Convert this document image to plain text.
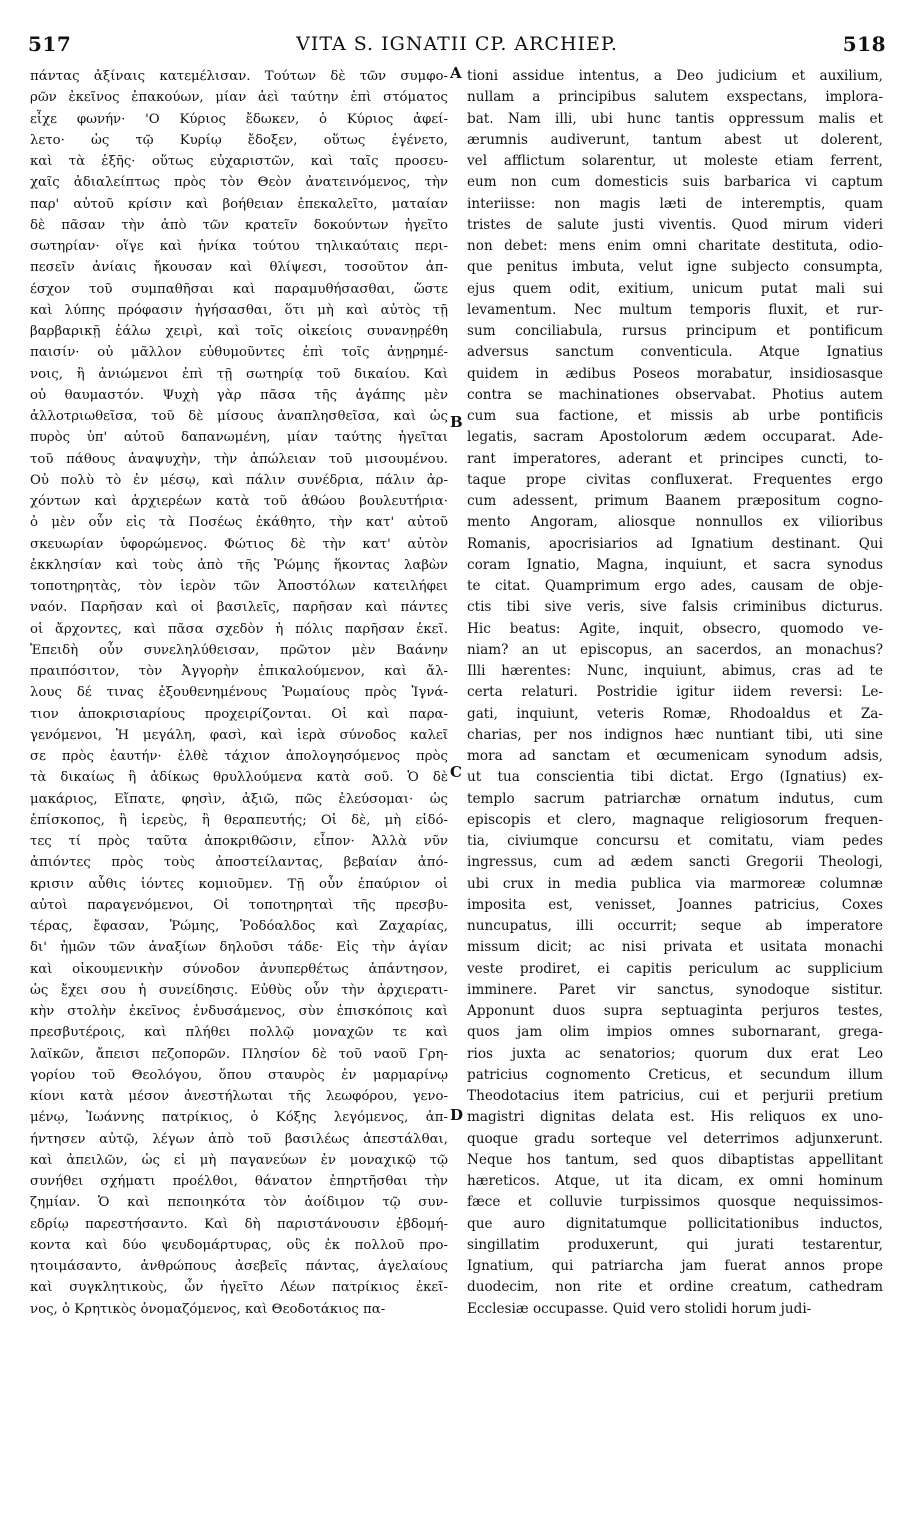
517	VITA S. IGNATII CP. ARCHIEP.	518
πάντας ἀξίναις κατεμέλισαν. Τούτων δὲ τῶν συμφο-
ρῶν ἐκεῖνος ἐπακούων, μίαν ἀεὶ ταύτην ἐπὶ στόματος
εἶχε φωνήν· 'Ο Κύριος ἔδωκεν, ὁ Κύριος ἀφεί-
λετο· ὡς τῷ Κυρίῳ ἔδοξεν, οὕτως ἐγένετο,
καὶ τὰ ἑξῆς· οὕτως εὐχαριστῶν, καὶ ταῖς προσευ-
χαῖς ἀδιαλείπτως πρὸς τὸν Θεὸν ἀνατεινόμενος, τὴν
παρ' αὐτοῦ κρίσιν καὶ βοήθειαν ἐπεκαλεῖτο, ματαίαν
δὲ πᾶσαν τὴν ἀπὸ τῶν κρατεῖν δοκούντων ἡγεῖτο
σωτηρίαν· οἵγε καὶ ἡνίκα τούτου τηλικαύταις περι-
πεσεῖν ἀνίαις ἤκουσαν καὶ θλίψεσι, τοσοῦτον ἀπ-
έσχον τοῦ συμπαθῆσαι καὶ παραμυθήσασθαι, ὥστε
καὶ λύπης πρόφασιν ἡγήσασθαι, ὅτι μὴ καὶ αὐτὸς τῇ
βαρβαρικῇ ἑάλω χειρὶ, καὶ τοῖς οἰκείοις συνανῃρέθη
παισίν· οὐ μᾶλλον εὐθυμοῦντες ἐπὶ τοῖς ἀνῃρημέ-
νοις, ἢ ἀνιώμενοι ἐπὶ τῇ σωτηρίᾳ τοῦ δικαίου. Καὶ
οὐ θαυμαστόν. Ψυχὴ γὰρ πᾶσα τῆς ἀγάπης μὲν
ἀλλοτριωθεῖσα, τοῦ δὲ μίσους ἀναπλησθεῖσα, καὶ ὡς
πυρὸς ὑπ' αὐτοῦ δαπανωμένη, μίαν ταύτης ἡγεῖται
τοῦ πάθους ἀναψυχὴν, τὴν ἀπώλειαν τοῦ μισουμένου.
Οὐ πολὺ τὸ ἐν μέσῳ, καὶ πάλιν συνέδρια, πάλιν ἀρ-
χόντων καὶ ἀρχιερέων κατὰ τοῦ ἀθώου βουλευτήρια·
ὁ μὲν οὖν εἰς τὰ Ποσέως ἐκάθητο, τὴν κατ' αὐτοῦ
σκευωρίαν ὑφορώμενος. Φώτιος δὲ τὴν κατ' αὐτὸν
ἐκκλησίαν καὶ τοὺς ἀπὸ τῆς Ῥώμης ἥκοντας λαβὼν
τοποτηρητὰς, τὸν ἱερὸν τῶν Ἀποστόλων κατειλήφει
ναόν. Παρῆσαν καὶ οἱ βασιλεῖς, παρῆσαν καὶ πάντες
οἱ ἄρχοντες, καὶ πᾶσα σχεδὸν ἡ πόλις παρῆσαν ἐκεῖ.
Ἐπειδὴ οὖν συνεληλύθεισαν, πρῶτον μὲν Βαάνην
πραιπόσιτον, τὸν Ἀγγορὴν ἐπικαλούμενον, καὶ ἄλ-
λους δέ τινας ἐξουθενημένους Ῥωμαίους πρὸς Ἰγνά-
τιον ἀποκρισιαρίους προχειρίζονται. Οἱ καὶ παρα-
γενόμενοι, Ἡ μεγάλη, φασὶ, καὶ ἱερὰ σύνοδος καλεῖ
σε πρὸς ἑαυτήν· ἐλθὲ τάχιον ἀπολογησόμενος πρὸς
τὰ δικαίως ἢ ἀδίκως θρυλλούμενα κατὰ σοῦ. Ὁ δὲ
μακάριος, Εἴπατε, φησὶν, ἀξιῶ, πῶς ἐλεύσομαι· ὡς
ἐπίσκοπος, ἢ ἱερεὺς, ἢ θεραπευτής; Οἱ δὲ, μὴ εἰδό-
τες τί πρὸς ταῦτα ἀποκριθῶσιν, εἶπον· Ἀλλὰ νῦν
ἀπιόντες πρὸς τοὺς ἀποστείλαντας, βεβαίαν ἀπό-
κρισιν αὖθις ἰόντες κομιοῦμεν. Τῇ οὖν ἐπαύριον οἱ
αὐτοὶ παραγενόμενοι, Οἱ τοποτηρηταὶ τῆς πρεσβυ-
τέρας, ἔφασαν, Ῥώμης, Ῥοδόαλδος καὶ Ζαχαρίας,
δι' ἡμῶν τῶν ἀναξίων δηλοῦσι τάδε· Εἰς τὴν ἁγίαν
καὶ οἰκουμενικὴν σύνοδον ἀνυπερθέτως ἀπάντησον,
ὡς ἔχει σου ἡ συνείδησις. Εὐθὺς οὖν τὴν ἀρχιερατι-
κὴν στολὴν ἐκεῖνος ἐνδυσάμενος, σὺν ἐπισκόποις καὶ
πρεσβυτέροις, καὶ πλήθει πολλῷ μοναχῶν τε καὶ
λαϊκῶν, ἄπεισι πεζοπορῶν. Πλησίον δὲ τοῦ ναοῦ Γρη-
γορίου τοῦ Θεολόγου, ὅπου σταυρὸς ἐν μαρμαρίνῳ
κίονι κατὰ μέσον ἀνεστήλωται τῆς λεωφόρου, γενο-
μένῳ, Ἰωάννης πατρίκιος, ὁ Κόξης λεγόμενος, ἀπ-
ήντησεν αὐτῷ, λέγων ἀπὸ τοῦ βασιλέως ἀπεστάλθαι,
καὶ ἀπειλῶν, ὡς εἰ μὴ παγανεύων ἐν μοναχικῷ τῷ
συνήθει σχήματι προέλθοι, θάνατον ἐπηρτῆσθαι τὴν
ζημίαν. Ὁ καὶ πεποιηκότα τὸν ἀοίδιμον τῷ συν-
εδρίῳ παρεστήσαντο. Καὶ δὴ παριστάνουσιν ἑβδομή-
κοντα καὶ δύο ψευδομάρτυρας, οὓς ἐκ πολλοῦ προ-
ητοιμάσαντο, ἀνθρώπους ἀσεβεῖς πάντας, ἀγελαίους
καὶ συγκλητικοὺς, ὧν ἡγεῖτο Λέων πατρίκιος ἐκεῖ-
νος, ὁ Κρητικὸς ὀνομαζόμενος, καὶ Θεοδοτάκιος πα-
tioni assidue intentus, a Deo judicium et auxilium,
nullam a principibus salutem exspectans, implora-
bat. Nam illi, ubi hunc tantis oppressum malis et
ærumnis audiverunt, tantum abest ut dolerent,
vel afflictum solarentur, ut moleste etiam ferrent,
eum non cum domesticis suis barbarica vi captum
interiisse: non magis læti de interemptis, quam
tristes de salute justi viventis. Quod mirum videri
non debet: mens enim omni charitate destituta, odio-
que penitus imbuta, velut igne subjecto consumpta,
ejus quem odit, exitium, unicum putat mali sui
levamentum. Nec multum temporis fluxit, et rur-
sum conciliabula, rursus principum et pontificum
adversus sanctum conventicula. Atque Ignatius
quidem in ædibus Poseos morabatur, insidiosasque
contra se machinationes observabat. Photius autem
cum sua factione, et missis ab urbe pontificis
legatis, sacram Apostolorum ædem occuparat. Ade-
rant imperatores, aderant et principes cuncti, to-
taque prope civitas confluxerat. Frequentes ergo
cum adessent, primum Baanem præpositum cogno-
mento Angoram, aliosque nonnullos ex vilioribus
Romanis, apocrisiarios ad Ignatium destinant. Qui
coram Ignatio, Magna, inquiunt, et sacra synodus
te citat. Quamprimum ergo ades, causam de obje-
ctis tibi sive veris, sive falsis criminibus dicturus.
Hic beatus: Agite, inquit, obsecro, quomodo ve-
niam? an ut episcopus, an sacerdos, an monachus?
Illi hærentes: Nunc, inquiunt, abimus, cras ad te
certa relaturi. Postridie igitur iidem reversi: Le-
gati, inquiunt, veteris Romæ, Rhodoaldus et Za-
charias, per nos indignos hæc nuntiant tibi, uti sine
mora ad sanctam et œcumenicam synodum adsis,
ut tua conscientia tibi dictat. Ergo (Ignatius) ex-
templo sacrum patriarchæ ornatum indutus, cum
episcopis et clero, magnaque religiosorum frequen-
tia, civiumque concursu et comitatu, viam pedes
ingressus, cum ad ædem sancti Gregorii Theologi,
ubi crux in media publica via marmoreæ columnæ
imposita est, venisset, Joannes patricius, Coxes
nuncupatus, illi occurrit; seque ab imperatore
missum dicit; ac nisi privata et usitata monachi
veste prodiret, ei capitis periculum ac supplicium
imminere. Paret vir sanctus, synodoque sistitur.
Apponunt duos supra septuaginta perjuros testes,
quos jam olim impios omnes subornarant, grega-
rios juxta ac senatorios; quorum dux erat Leo
patricius cognomento Creticus, et secundum illum
Theodotacius item patricius, cui et perjurii pretium
magistri dignitas delata est. His reliquos ex uno-
quoque gradu sorteque vel deterrimos adjunxerunt.
Neque hos tantum, sed quos dibaptistas appellitant
hæreticos. Atque, ut ita dicam, ex omni hominum
fæce et colluvie turpissimos quosque nequissimos-
que auro dignitatumque pollicitationibus inductos,
singillatim produxerunt, qui jurati testarentur,
Ignatium, qui patriarcha jam fuerat annos prope
duodecim, non rite et ordine creatum, cathedram
Ecclesiæ occupasse. Quid vero stolidi horum judi-
A
B
C
D
